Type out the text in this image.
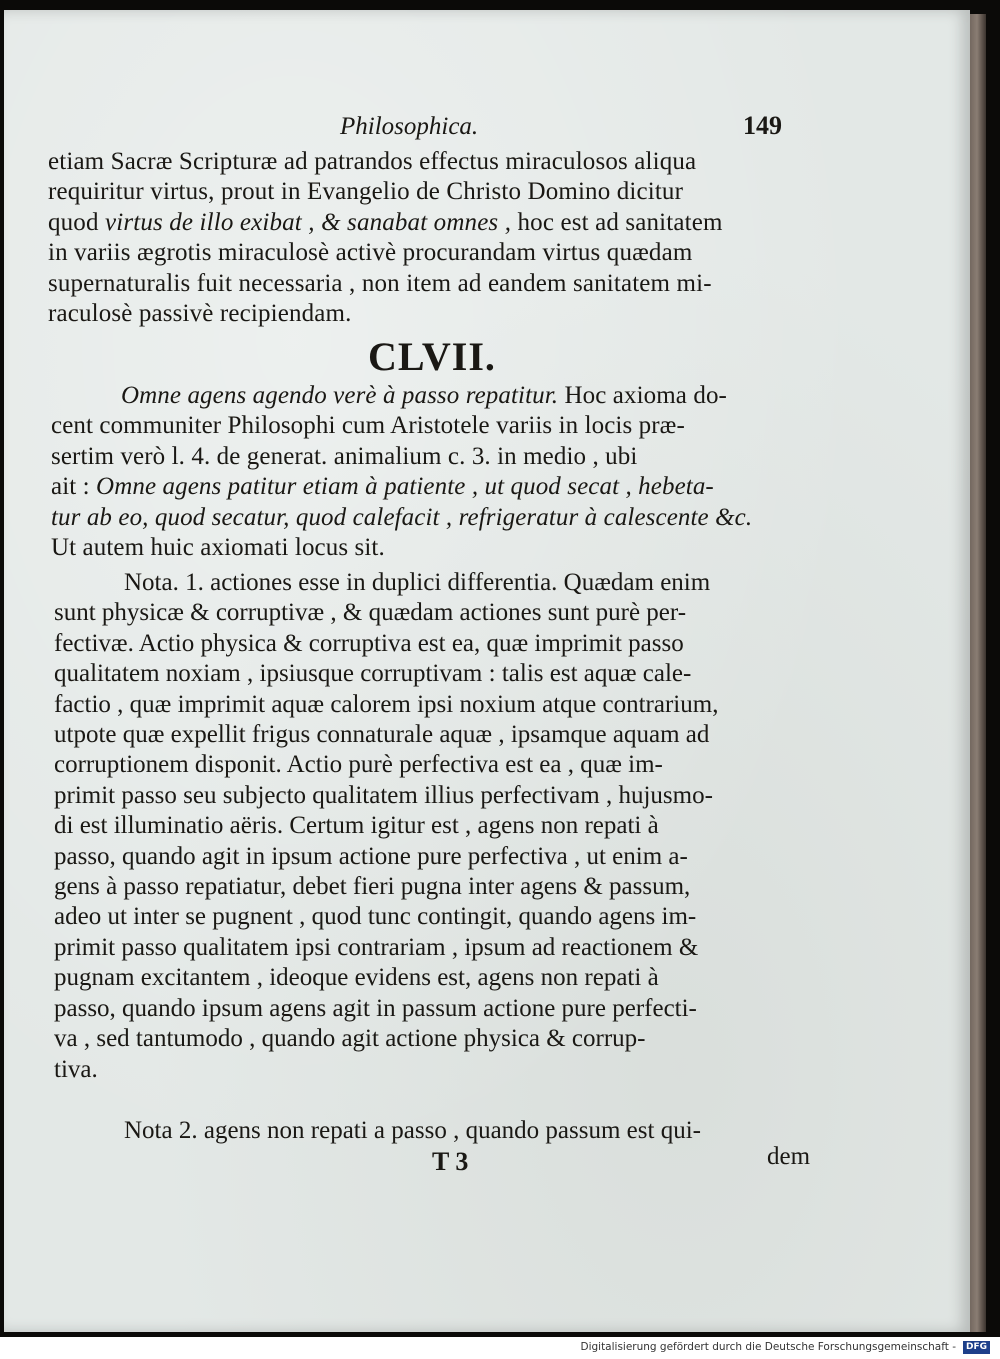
Philosophica.	149
etiam Sacræ Scripturæ ad patrandos effectus miraculosos aliqua
requiritur virtus, prout in Evangelio de Christo Domino dicitur
quod virtus de illo exibat , & sanabat omnes , hoc est ad sanitatem
in variis ægrotis miraculosè activè procurandam virtus quædam
supernaturalis fuit necessaria , non item ad eandem sanitatem mi-
raculosè passivè recipiendam.
CLVII.
Omne agens agendo verè à passo repatitur. Hoc axioma do-
cent communiter Philosophi cum Aristotele variis in locis præ-
sertim verò l. 4. de generat. animalium c. 3. in medio , ubi
ait : Omne agens patitur etiam à patiente , ut quod secat , hebeta-
tur ab eo, quod secatur, quod calefacit , refrigeratur à calescente &c.
Ut autem huic axiomati locus sit.
Nota. 1. actiones esse in duplici differentia. Quædam enim
sunt physicæ & corruptivæ , & quædam actiones sunt purè per-
fectivæ. Actio physica & corruptiva est ea, quæ imprimit passo
qualitatem noxiam , ipsiusque corruptivam : talis est aquæ cale-
factio , quæ imprimit aquæ calorem ipsi noxium atque contrarium,
utpote quæ expellit frigus connaturale aquæ , ipsamque aquam ad
corruptionem disponit. Actio purè perfectiva est ea , quæ im-
primit passo seu subjecto qualitatem illius perfectivam , hujusmo-
di est illuminatio aëris. Certum igitur est , agens non repati à
passo, quando agit in ipsum actione pure perfectiva , ut enim a-
gens à passo repatiatur, debet fieri pugna inter agens & passum,
adeo ut inter se pugnent , quod tunc contingit, quando agens im-
primit passo qualitatem ipsi contrariam , ipsum ad reactionem &
pugnam excitantem , ideoque evidens est, agens non repati à
passo, quando ipsum agens agit in passum actione pure perfecti-
va , sed tantumodo , quando agit actione physica & corrup-
tiva.
Nota 2. agens non repati a passo , quando passum est qui-
T 3	dem
Digitalisierung gefördert durch die Deutsche Forschungsgemeinschaft -	DFG
